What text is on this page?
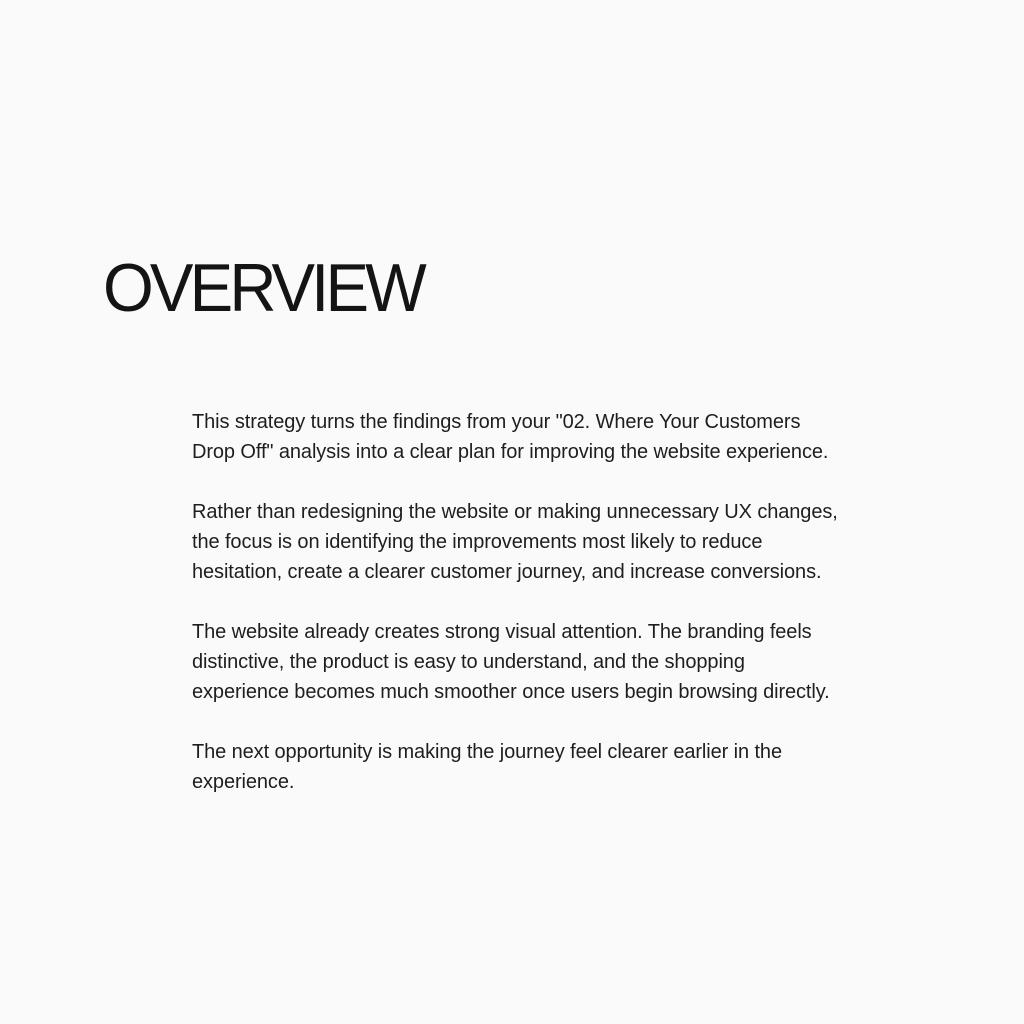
OVERVIEW

This strategy turns the findings from your "02. Where Your Customers Drop Off" analysis into a clear plan for improving the website experience.

Rather than redesigning the website or making unnecessary UX changes, the focus is on identifying the improvements most likely to reduce hesitation, create a clearer customer journey, and increase conversions.

The website already creates strong visual attention. The branding feels distinctive, the product is easy to understand, and the shopping experience becomes much smoother once users begin browsing directly.

The next opportunity is making the journey feel clearer earlier in the experience.
